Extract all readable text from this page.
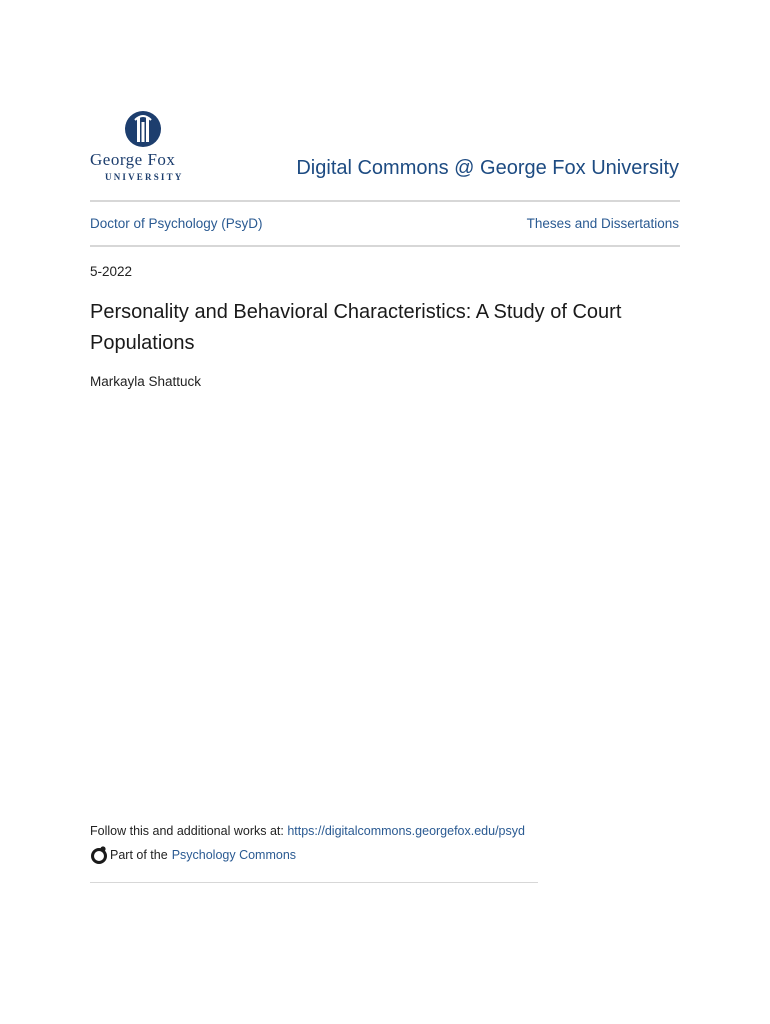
George Fox
UNIVERSITY	Digital Commons @ George Fox University
Doctor of Psychology (PsyD)	Theses and Dissertations
5-2022
Personality and Behavioral Characteristics: A Study of Court Populations
Markayla Shattuck
Follow this and additional works at: https://digitalcommons.georgefox.edu/psyd
Part of the Psychology Commons
